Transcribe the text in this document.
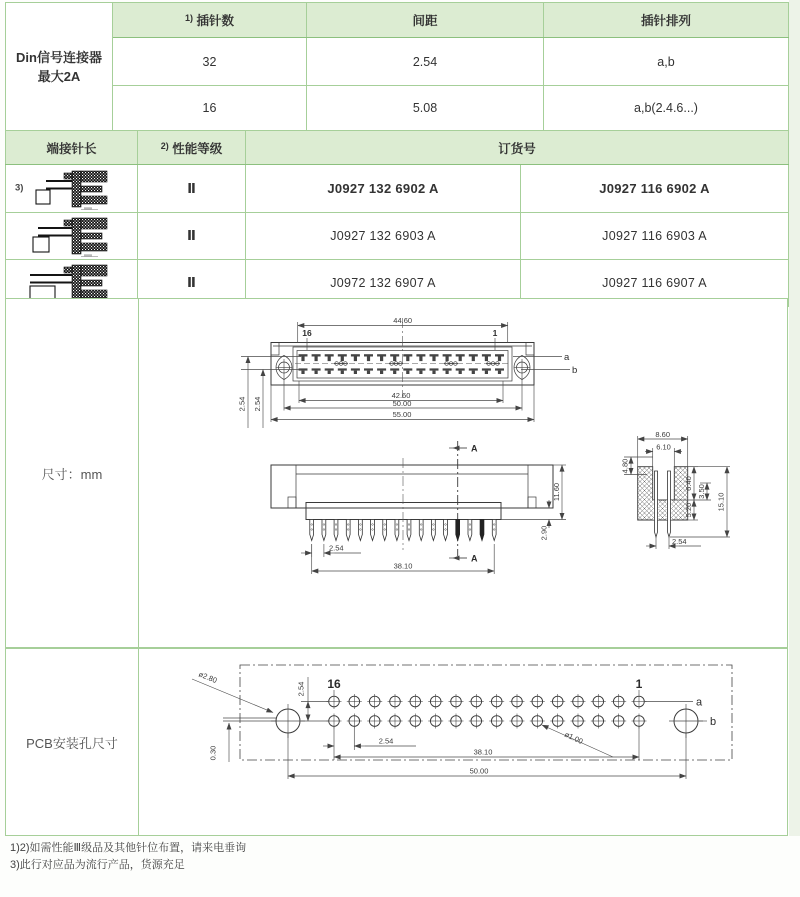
Din信号连接器
最大2A	$^{1)}$ 插针数	间距	插针排列
	32	2.54	a,b
	16	5.08	a,b(2.4.6...)
端接针长	$^{2)}$ 性能等级	订货号	

3)	Ⅱ	J0927 132 6902 A	J0927 116 6902 A

	Ⅱ	J0927 132 6903 A	J0927 116 6903 A

	Ⅱ	J0972 132 6907 A	J0927 116 6907 A
尺寸：mm
44.60
16	1
a
b
42.60
50.00
55.00
2.54 2.54
A
A
11.60
2.90
2.54
38.10
8.60
6.10
4.80
6.40
5.20
3.50
15.10
2.54
PCB安装孔尺寸
16	1
2.54
ø2.80
a
b
ø1.00
2.54
38.10
50.00
0.30
1)2)如需性能Ⅲ级品及其他针位布置，请来电垂询
3)此行对应品为流行产品，货源充足
